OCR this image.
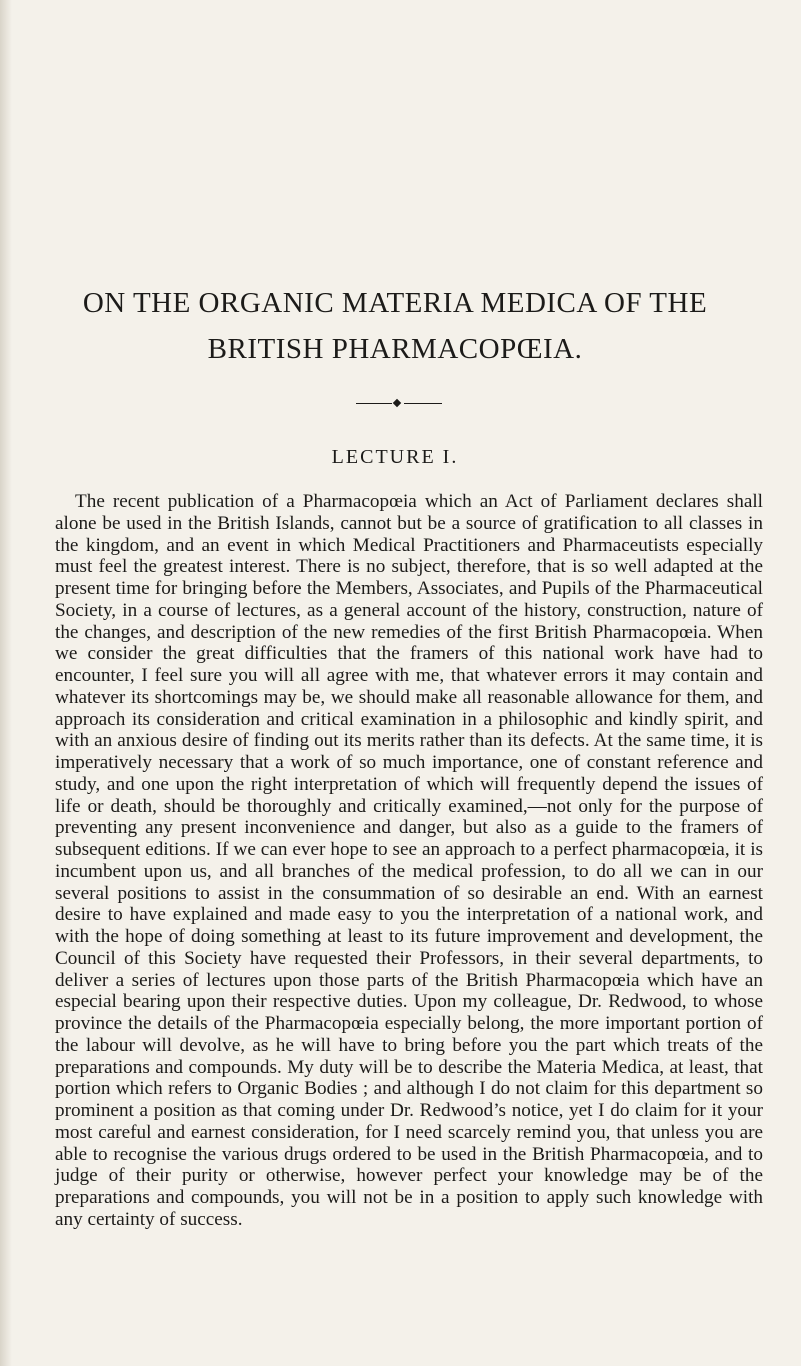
ON THE ORGANIC MATERIA MEDICA OF THE
BRITISH PHARMACOPŒIA.
LECTURE I.

The recent publication of a Pharmacopœia which an Act of Parliament declares shall alone be used in the British Islands, cannot but be a source of gratification to all classes in the kingdom, and an event in which Medical Practitioners and Pharmaceutists especially must feel the greatest interest. There is no subject, therefore, that is so well adapted at the present time for bringing before the Members, Associates, and Pupils of the Pharmaceutical Society, in a course of lectures, as a general account of the history, construction, nature of the changes, and description of the new remedies of the first British Pharmacopœia. When we consider the great difficulties that the framers of this national work have had to encounter, I feel sure you will all agree with me, that whatever errors it may contain and whatever its shortcomings may be, we should make all reasonable allowance for them, and approach its consideration and critical examination in a philosophic and kindly spirit, and with an anxious desire of finding out its merits rather than its defects. At the same time, it is imperatively necessary that a work of so much importance, one of constant reference and study, and one upon the right interpretation of which will frequently depend the issues of life or death, should be thoroughly and critically examined,—not only for the purpose of preventing any present inconvenience and danger, but also as a guide to the framers of subsequent editions. If we can ever hope to see an approach to a perfect pharmacopœia, it is incumbent upon us, and all branches of the medical profession, to do all we can in our several positions to assist in the consummation of so desirable an end. With an earnest desire to have explained and made easy to you the interpretation of a national work, and with the hope of doing something at least to its future improvement and development, the Council of this Society have requested their Professors, in their several departments, to deliver a series of lectures upon those parts of the British Pharmacopœia which have an especial bearing upon their respective duties. Upon my colleague, Dr. Redwood, to whose province the details of the Pharmacopœia especially belong, the more important portion of the labour will devolve, as he will have to bring before you the part which treats of the preparations and compounds. My duty will be to describe the Materia Medica, at least, that portion which refers to Organic Bodies ; and although I do not claim for this department so prominent a position as that coming under Dr. Redwood’s notice, yet I do claim for it your most careful and earnest consideration, for I need scarcely remind you, that unless you are able to recognise the various drugs ordered to be used in the British Pharmacopœia, and to judge of their purity or otherwise, however perfect your knowledge may be of the preparations and compounds, you will not be in a position to apply such knowledge with any certainty of success.
